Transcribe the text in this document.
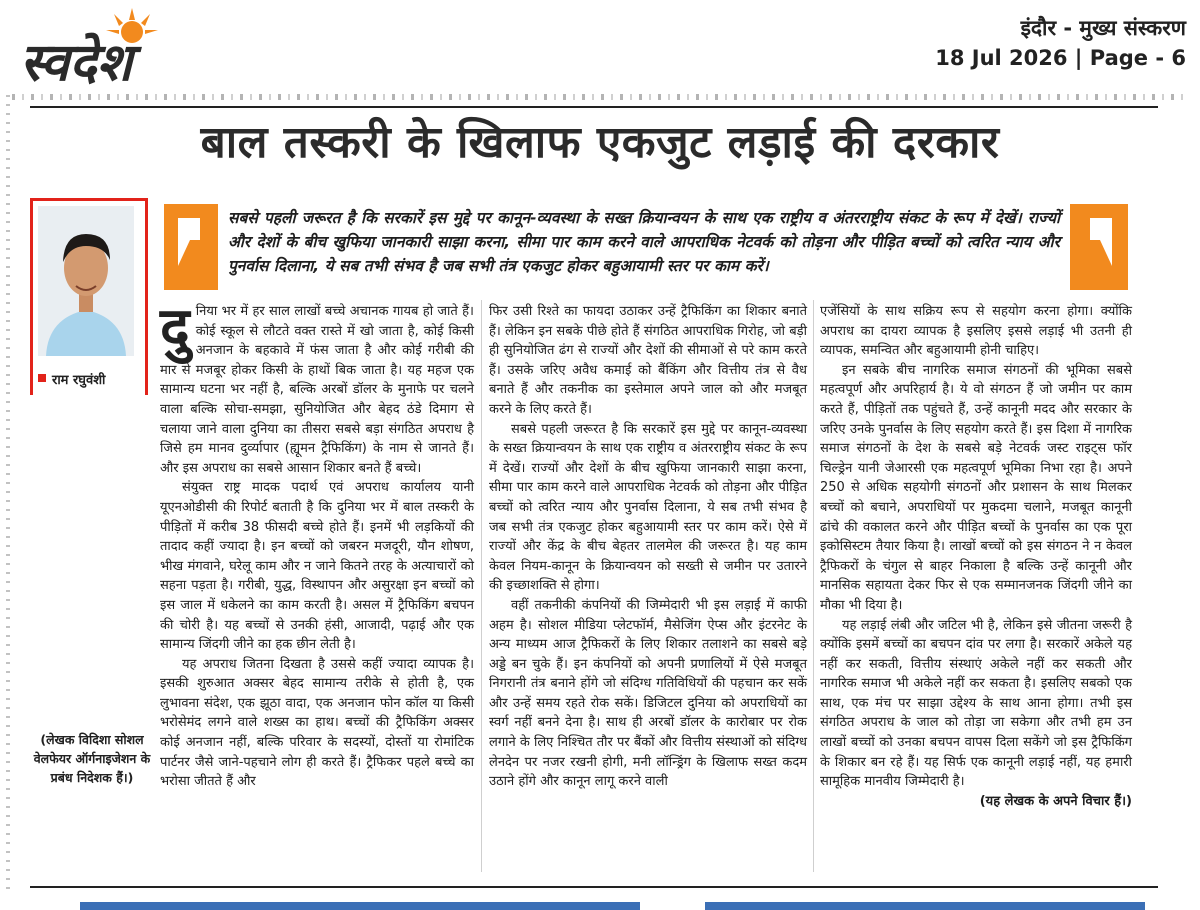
स्वदेश
इंदौर - मुख्य संस्करण
18 Jul 2026 | Page - 6
बाल तस्करी के खिलाफ एकजुट लड़ाई की दरकार
राम रघुवंशी
सबसे पहली जरूरत है कि सरकारें इस मुद्दे पर कानून-व्यवस्था के सख्त क्रियान्वयन के साथ एक राष्ट्रीय व अंतरराष्ट्रीय संकट के रूप में देखें। राज्यों और देशों के बीच खुफिया जानकारी साझा करना, सीमा पार काम करने वाले आपराधिक नेटवर्क को तोड़ना और पीड़ित बच्चों को त्वरित न्याय और पुनर्वास दिलाना, ये सब तभी संभव है जब सभी तंत्र एकजुट होकर बहुआयामी स्तर पर काम करें।
दु निया भर में हर साल लाखों बच्चे अचानक गायब हो जाते हैं। कोई स्कूल से लौटते वक्त रास्ते में खो जाता है, कोई किसी अनजान के बहकावे में फंस जाता है और कोई गरीबी की मार से मजबूर होकर किसी के हाथों बिक जाता है। यह महज एक सामान्य घटना भर नहीं है, बल्कि अरबों डॉलर के मुनाफे पर चलने वाला बल्कि सोचा-समझा, सुनियोजित और बेहद ठंडे दिमाग से चलाया जाने वाला दुनिया का तीसरा सबसे बड़ा संगठित अपराध है जिसे हम मानव दुर्व्यापार (ह्यूमन ट्रैफिकिंग) के नाम से जानते हैं। और इस अपराध का सबसे आसान शिकार बनते हैं बच्चे।

संयुक्त राष्ट्र मादक पदार्थ एवं अपराध कार्यालय यानी यूएनओडीसी की रिपोर्ट बताती है कि दुनिया भर में बाल तस्करी के पीड़ितों में करीब 38 फीसदी बच्चे होते हैं। इनमें भी लड़कियों की तादाद कहीं ज्यादा है। इन बच्चों को जबरन मजदूरी, यौन शोषण, भीख मंगवाने, घरेलू काम और न जाने कितने तरह के अत्याचारों को सहना पड़ता है। गरीबी, युद्ध, विस्थापन और असुरक्षा इन बच्चों को इस जाल में धकेलने का काम करती है। असल में ट्रैफिकिंग बचपन की चोरी है। यह बच्चों से उनकी हंसी, आजादी, पढ़ाई और एक सामान्य जिंदगी जीने का हक छीन लेती है।

यह अपराध जितना दिखता है उससे कहीं ज्यादा व्यापक है। इसकी शुरुआत अक्सर बेहद सामान्य तरीके से होती है, एक लुभावना संदेश, एक झूठा वादा, एक अनजान फोन कॉल या किसी भरोसेमंद लगने वाले शख्स का हाथ। बच्चों की ट्रैफिकिंग अक्सर कोई अनजान नहीं, बल्कि परिवार के सदस्यों, दोस्तों या रोमांटिक पार्टनर जैसे जाने-पहचाने लोग ही करते हैं। ट्रैफिकर पहले बच्चे का भरोसा जीतते हैं और

फिर उसी रिश्ते का फायदा उठाकर उन्हें ट्रैफिकिंग का शिकार बनाते हैं। लेकिन इन सबके पीछे होते हैं संगठित आपराधिक गिरोह, जो बड़ी ही सुनियोजित ढंग से राज्यों और देशों की सीमाओं से परे काम करते हैं। उसके जरिए अवैध कमाई को बैंकिंग और वित्तीय तंत्र से वैध बनाते हैं और तकनीक का इस्तेमाल अपने जाल को और मजबूत करने के लिए करते हैं।

सबसे पहली जरूरत है कि सरकारें इस मुद्दे पर कानून-व्यवस्था के सख्त क्रियान्वयन के साथ एक राष्ट्रीय व अंतरराष्ट्रीय संकट के रूप में देखें। राज्यों और देशों के बीच खुफिया जानकारी साझा करना, सीमा पार काम करने वाले आपराधिक नेटवर्क को तोड़ना और पीड़ित बच्चों को त्वरित न्याय और पुनर्वास दिलाना, ये सब तभी संभव है जब सभी तंत्र एकजुट होकर बहुआयामी स्तर पर काम करें। ऐसे में राज्यों और केंद्र के बीच बेहतर तालमेल की जरूरत है। यह काम केवल नियम-कानून के क्रियान्वयन को सख्ती से जमीन पर उतारने की इच्छाशक्ति से होगा।

वहीं तकनीकी कंपनियों की जिम्मेदारी भी इस लड़ाई में काफी अहम है। सोशल मीडिया प्लेटफॉर्म, मैसेजिंग ऐप्स और इंटरनेट के अन्य माध्यम आज ट्रैफिकरों के लिए शिकार तलाशने का सबसे बड़े अड्डे बन चुके हैं। इन कंपनियों को अपनी प्रणालियों में ऐसे मजबूत निगरानी तंत्र बनाने होंगे जो संदिग्ध गतिविधियों की पहचान कर सकें और उन्हें समय रहते रोक सकें। डिजिटल दुनिया को अपराधियों का स्वर्ग नहीं बनने देना है। साथ ही अरबों डॉलर के कारोबार पर रोक लगाने के लिए निश्चित तौर पर बैंकों और वित्तीय संस्थाओं को संदिग्ध लेनदेन पर नजर रखनी होगी, मनी लॉन्ड्रिंग के खिलाफ सख्त कदम उठाने होंगे और कानून लागू करने वाली

एजेंसियों के साथ सक्रिय रूप से सहयोग करना होगा। क्योंकि अपराध का दायरा व्यापक है इसलिए इससे लड़ाई भी उतनी ही व्यापक, समन्वित और बहुआयामी होनी चाहिए।

इन सबके बीच नागरिक समाज संगठनों की भूमिका सबसे महत्वपूर्ण और अपरिहार्य है। ये वो संगठन हैं जो जमीन पर काम करते हैं, पीड़ितों तक पहुंचते हैं, उन्हें कानूनी मदद और सरकार के जरिए उनके पुनर्वास के लिए सहयोग करते हैं। इस दिशा में नागरिक समाज संगठनों के देश के सबसे बड़े नेटवर्क जस्ट राइट्स फॉर चिल्ड्रेन यानी जेआरसी एक महत्वपूर्ण भूमिका निभा रहा है। अपने 250 से अधिक सहयोगी संगठनों और प्रशासन के साथ मिलकर बच्चों को बचाने, अपराधियों पर मुकदमा चलाने, मजबूत कानूनी ढांचे की वकालत करने और पीड़ित बच्चों के पुनर्वास का एक पूरा इकोसिस्टम तैयार किया है। लाखों बच्चों को इस संगठन ने न केवल ट्रैफिकरों के चंगुल से बाहर निकाला है बल्कि उन्हें कानूनी और मानसिक सहायता देकर फिर से एक सम्मानजनक जिंदगी जीने का मौका भी दिया है।

यह लड़ाई लंबी और जटिल भी है, लेकिन इसे जीतना जरूरी है क्योंकि इसमें बच्चों का बचपन दांव पर लगा है। सरकारें अकेले यह नहीं कर सकती, वित्तीय संस्थाएं अकेले नहीं कर सकती और नागरिक समाज भी अकेले नहीं कर सकता है। इसलिए सबको एक साथ, एक मंच पर साझा उद्देश्य के साथ आना होगा। तभी इस संगठित अपराध के जाल को तोड़ा जा सकेगा और तभी हम उन लाखों बच्चों को उनका बचपन वापस दिला सकेंगे जो इस ट्रैफिकिंग के शिकार बन रहे हैं। यह सिर्फ एक कानूनी लड़ाई नहीं, यह हमारी सामूहिक मानवीय जिम्मेदारी है।

(यह लेखक के अपने विचार हैं।)

(लेखक विदिशा सोशल वेलफेयर ऑर्गनाइजेशन के प्रबंध निदेशक हैं।)
